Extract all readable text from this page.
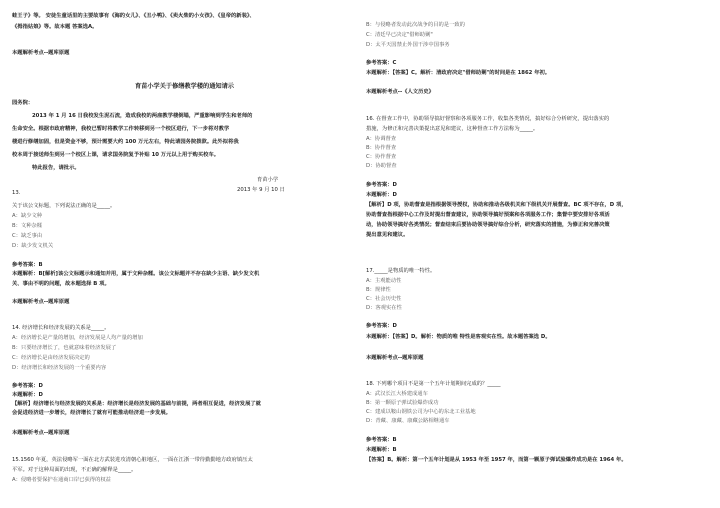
蛙王子》等。 安徒生童话里的主要故事有《海的女儿》、《丑小鸭》、《卖火柴的小女孩》、《皇帝的新装》、
《拇指姑娘》等。故本题 答案选A。
本题解析考点--题库原题
育苗小学关于修缮教学楼的通知请示
园务院：
2013 年 1 月 16 日我校发生泥石流，造成我校的两座教学楼倒塌，严重影响到学生和老师的
生命安全。根据市政府精神，我校已暂时将教学工作转移到另一个校区进行，下一步将对教学
楼进行修缮加固，但是资金不够，预计需要大约 100 万元左右，特此请园务院拨款。此外拟将我
校本周于接送师生到另一个校区上课，请求国务院复予补贴 10 万元以上用于购买校车。
特此报告，请批示。
育苗小学
2013 年 9 月 10 日
13.
关于该公文标题，下列说法正确的是_____。
A：缺少文种
B：文种杂糅
C：缺乏事由
D：缺少发文机关
参考答案：B
本题解析：B[解析]该公文标题示和通知并用，属于文种杂糅。该公文标题并不存在缺少主语、缺少发文机
关、事由不明的问题，故本题选择 B 项。
本题解析考点--题库原题
14. 经济增长和经济发展的关系是_____。
A：经济增长是产量的增加，经济发展是人均产量的增加
B：只要经济增长了，也就意味着经济发展了
C：经济增长是由经济发展决定的
D：经济增长和经济发展的一个重要内容
参考答案：D
本题解析：D
【解析】经济增长与经济发展的关系是：经济增长是经济发展的基础与前提，两者相互促进，经济发展了就
会促进经济进一步增长，经济增长了就有可能推动经济进一步发展。
本题解析考点--题库原题
15.1560 年夏，英法侵略军一面在北方武装进攻清朝心脏地区，一面在江浙一带待勤勤地方政府镇压太
平军。对于这种局面的出现，不正确的解释是_____。
A：侵略者要保护在通商口岸已获得的权益
B：与侵略者发动此次战争的目的是一致的
C：清廷早已决定"借师助剿"
D：太平天国禁止外国干涉中国事务
参考答案：C
本题解析：【答案】C。解析：清政府决定"借师助剿"的时间是在 1862 年初。
本题解析考点--《人文历史》
16. 在督查工作中，协助领导搞好督察和各项服务工作，收集各类情况，搞好综合分析研究，提出落实的
措施，为修正和完善决策提出意见和建议，这种督查工作方法称为_____。
A：协调督查
B：协作督查
C：协作督查
D：协助督查
参考答案：D
本题解析：D
【解析】D 项，协助督查是指根据领导授权，协助和推动各级机关和下级机关开展督查。BC 项不存在，D 项，
协助督查指根据中心工作及时提出督查建议，协助领导搞好预案和各项服务工作；集督中要安排好各项活
动，协助领导搞好各类情况；督查结束后要协助领导搞好综合分析，研究落实的措施，为修正和完善决策
提出意见和建议。
17._____是物质的唯一特性。
A：主观能动性
B：规律性
C：社会历史性
D：客观实在性
参考答案：D
本题解析：【答案】D。解析：物质的唯 特性是客观实在性。故本题答案选 D。
本题解析考点--题库原题
18. 下列哪个项目不是第一个五年计划期间完成的？_____
A：武汉长江大桥建成通车
B：第一颗原子弹试验爆炸成功
C：建成以鞍山钢铁公司为中心的东北工业基地
D：青藏、康藏、康藏公路相继通车
参考答案：B
本题解析：B
【答案】B。解析：第一个五年计划是从 1953 年至 1957 年，而第一颗原子弹试验爆炸成功是在 1964 年。
